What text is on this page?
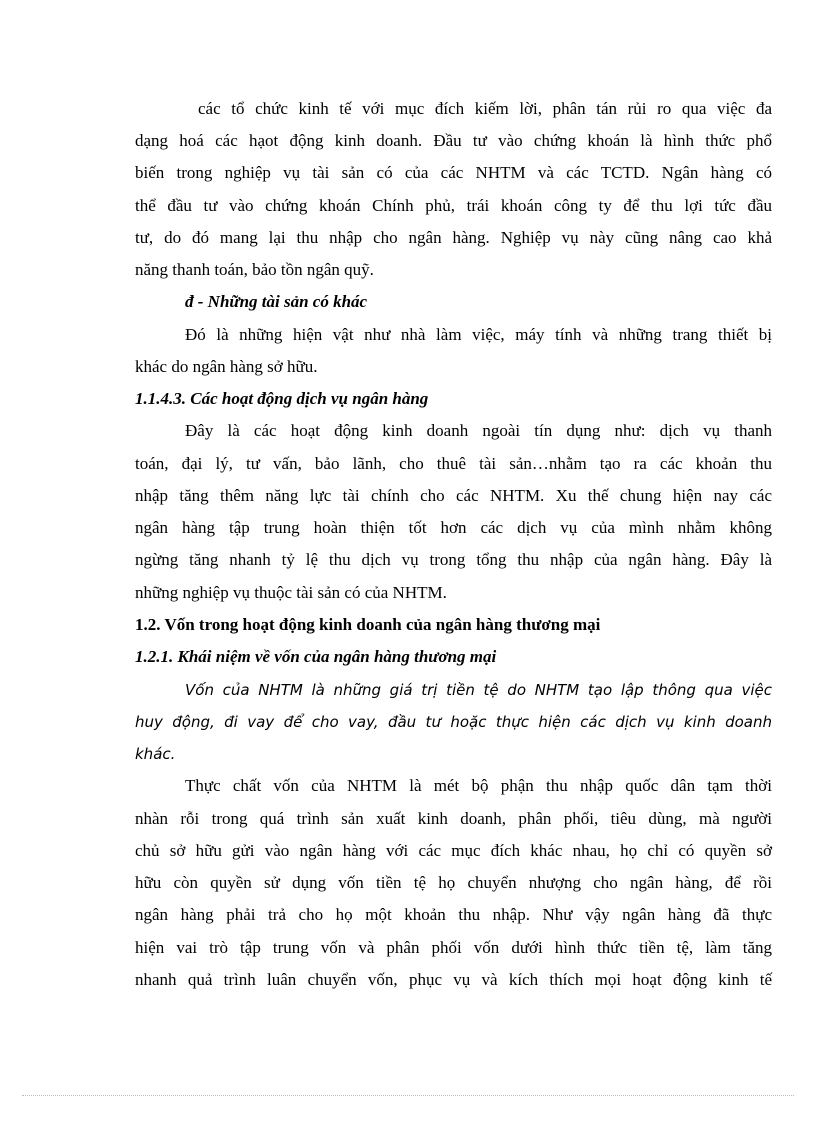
các tổ chức kinh tế với mục đích kiếm lời, phân tán rủi ro qua việc đa
dạng hoá các hạot động kinh doanh. Đầu tư vào chứng khoán là hình thức phổ
biến trong nghiệp vụ tài sản có của các NHTM và các TCTD. Ngân hàng có
thể đầu tư vào chứng khoán Chính phủ, trái khoán công ty để thu lợi tức đầu
tư, do đó mang lại thu nhập cho ngân hàng. Nghiệp vụ này cũng nâng cao khả
năng thanh toán, bảo tồn ngân quỹ.
đ - Những tài sản có khác
Đó là những hiện vật như nhà làm việc, máy tính và những trang thiết bị
khác do ngân hàng sở hữu.
1.1.4.3. Các hoạt động dịch vụ ngân hàng
Đây là các hoạt động kinh doanh ngoài tín dụng như: dịch vụ thanh
toán, đại lý, tư vấn, bảo lãnh, cho thuê tài sản…nhằm tạo ra các khoản thu
nhập tăng thêm năng lực tài chính cho các NHTM. Xu thế chung hiện nay các
ngân hàng tập trung hoàn thiện tốt hơn các dịch vụ của mình nhằm không
ngừng tăng nhanh tỷ lệ thu dịch vụ trong tổng thu nhập của ngân hàng. Đây là
những nghiệp vụ thuộc tài sản có của NHTM.
1.2. Vốn trong hoạt động kinh doanh của ngân hàng thương mại
1.2.1. Khái niệm về vốn của ngân hàng thương mại
Vốn của NHTM là những giá trị tiền tệ do NHTM tạo lập thông qua việc
huy động, đi vay để cho vay, đầu tư hoặc thực hiện các dịch vụ kinh doanh
khác.
Thực chất vốn của NHTM là mét bộ phận thu nhập quốc dân tạm thời
nhàn rỗi trong quá trình sản xuất kinh doanh, phân phối, tiêu dùng, mà người
chủ sở hữu gửi vào ngân hàng với các mục đích khác nhau, họ chỉ có quyền sở
hữu còn quyền sử dụng vốn tiền tệ họ chuyển nhượng cho ngân hàng, để rồi
ngân hàng phải trả cho họ một khoản thu nhập. Như vậy ngân hàng đã thực
hiện vai trò tập trung vốn và phân phối vốn dưới hình thức tiền tệ, làm tăng
nhanh quả trình luân chuyển vốn, phục vụ và kích thích mọi hoạt động kinh tế
